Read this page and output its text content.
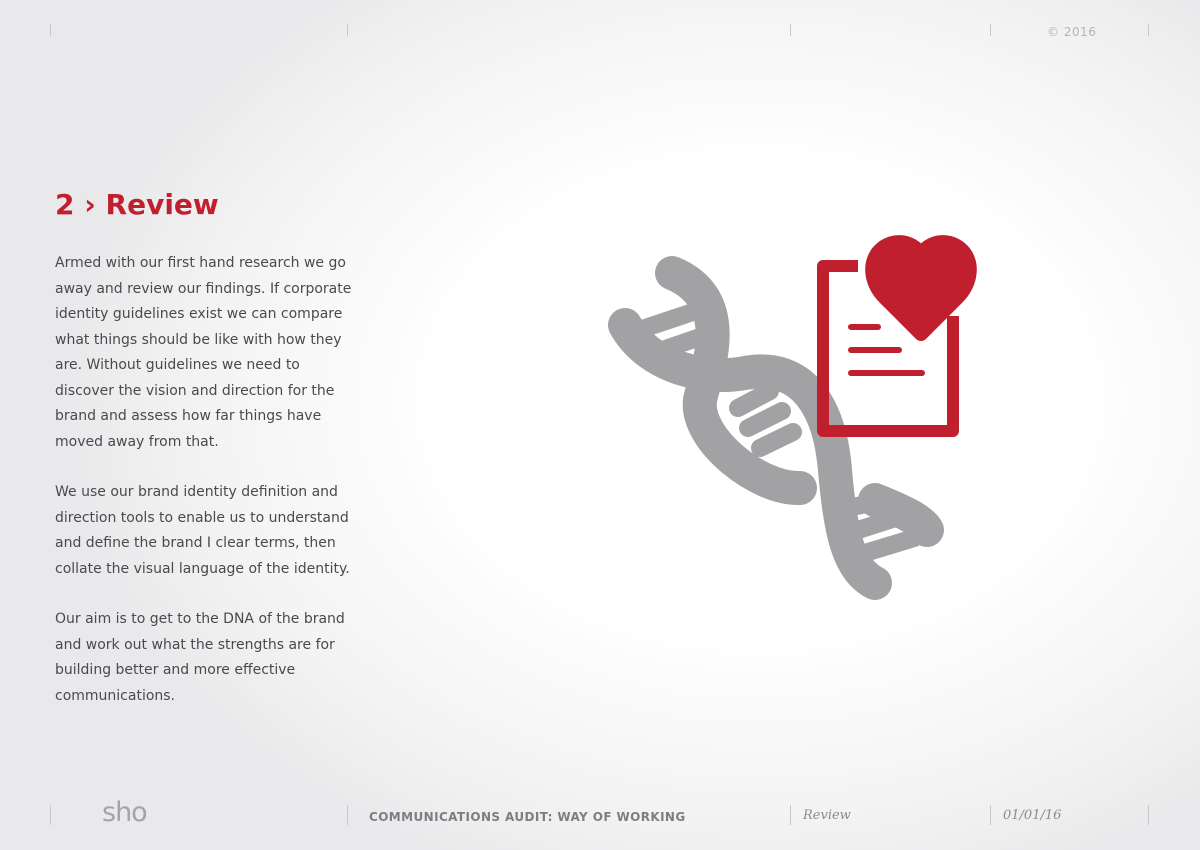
© 2016
2 › Review

Armed with our first hand research we go away and review our findings. If corporate identity guidelines exist we can compare what things should be like with how they are. Without guidelines we need to discover the vision and direction for the brand and assess how far things have moved away from that.

We use our brand identity definition and direction tools to enable us to understand and define the brand I clear terms, then collate the visual language of the identity.

Our aim is to get to the DNA of the brand and work out what the strengths are for building better and more effective communications.

sho	COMMUNICATIONS AUDIT: WAY OF WORKING	Review	01/01/16
